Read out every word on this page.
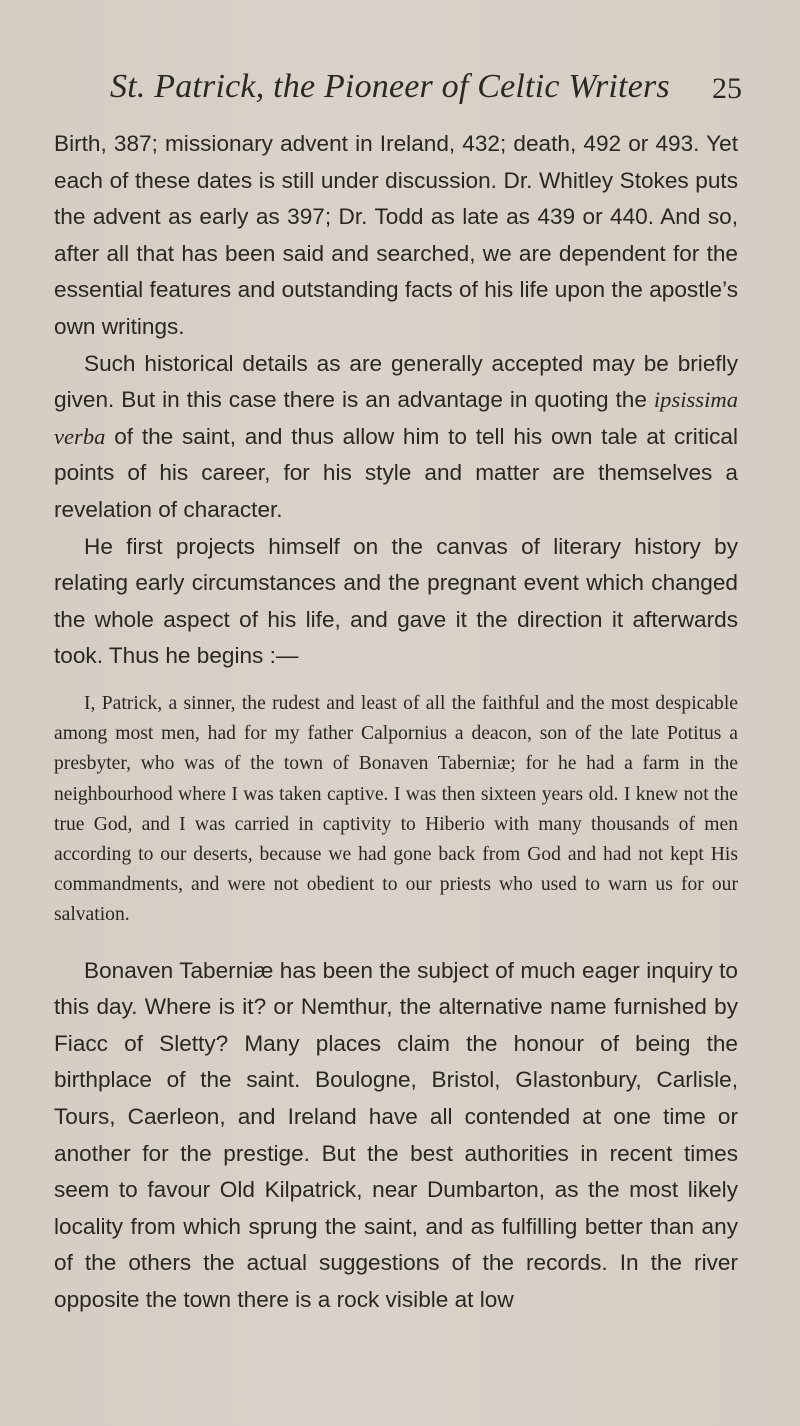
St. Patrick, the Pioneer of Celtic Writers 25

Birth, 387; missionary advent in Ireland, 432; death, 492 or 493. Yet each of these dates is still under discussion. Dr. Whitley Stokes puts the advent as early as 397; Dr. Todd as late as 439 or 440. And so, after all that has been said and searched, we are dependent for the essential features and outstanding facts of his life upon the apostle’s own writings.

Such historical details as are generally accepted may be briefly given. But in this case there is an advantage in quoting the ipsissima verba of the saint, and thus allow him to tell his own tale at critical points of his career, for his style and matter are themselves a revelation of character.

He first projects himself on the canvas of literary history by relating early circumstances and the pregnant event which changed the whole aspect of his life, and gave it the direction it afterwards took. Thus he begins :—

I, Patrick, a sinner, the rudest and least of all the faithful and the most despicable among most men, had for my father Calpornius a deacon, son of the late Potitus a presbyter, who was of the town of Bonaven Taberniæ; for he had a farm in the neighbourhood where I was taken captive. I was then sixteen years old. I knew not the true God, and I was carried in captivity to Hiberio with many thousands of men according to our deserts, because we had gone back from God and had not kept His commandments, and were not obedient to our priests who used to warn us for our salvation.

Bonaven Taberniæ has been the subject of much eager inquiry to this day. Where is it? or Nemthur, the alternative name furnished by Fiacc of Sletty? Many places claim the honour of being the birthplace of the saint. Boulogne, Bristol, Glastonbury, Carlisle, Tours, Caerleon, and Ireland have all contended at one time or another for the prestige. But the best authorities in recent times seem to favour Old Kilpatrick, near Dumbarton, as the most likely locality from which sprung the saint, and as fulfilling better than any of the others the actual suggestions of the records. In the river opposite the town there is a rock visible at low
